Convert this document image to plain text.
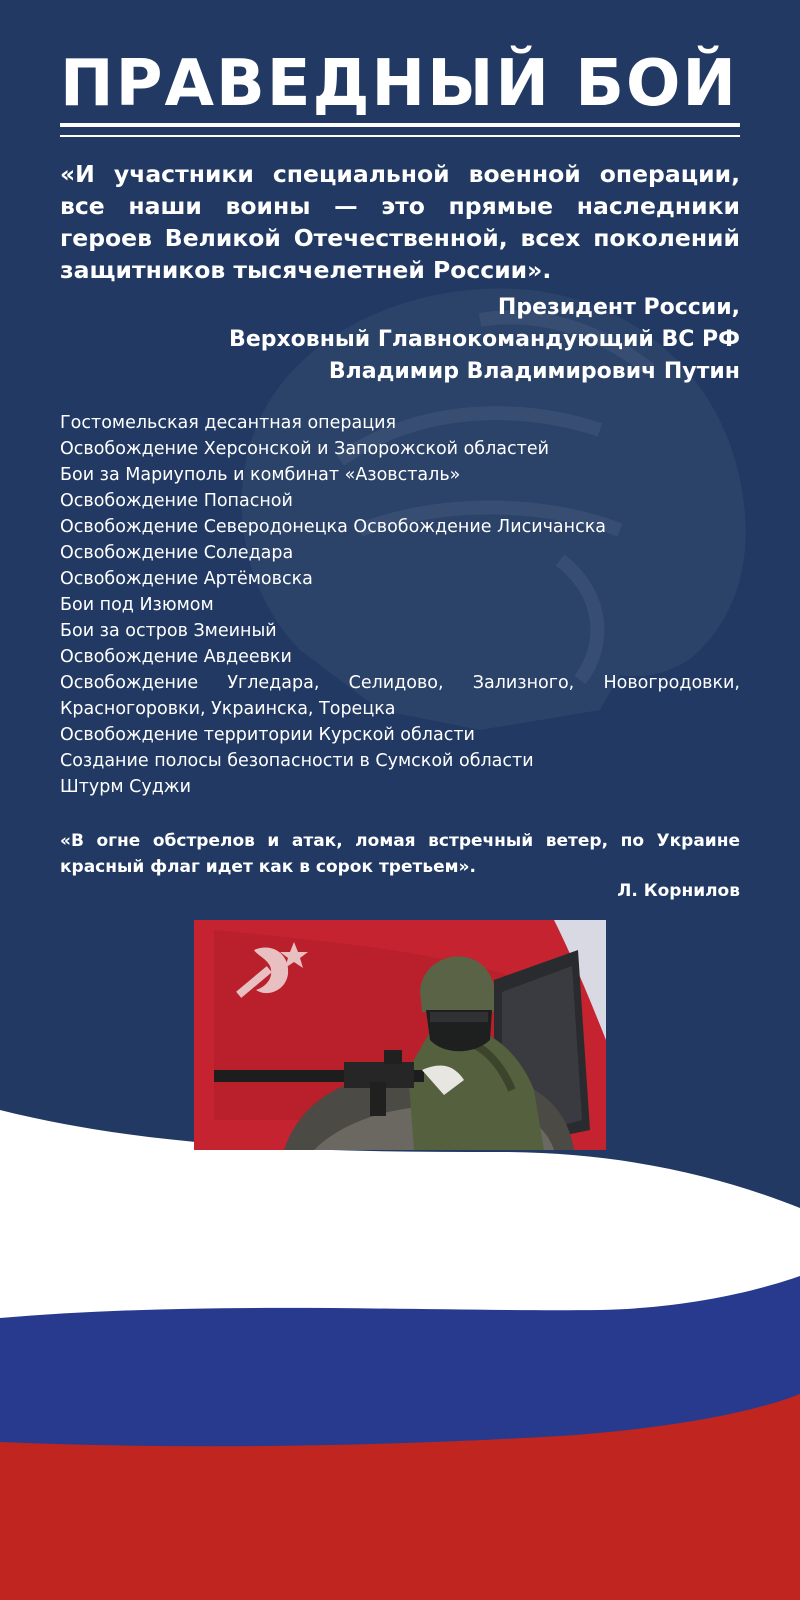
ПРАВЕДНЫЙ БОЙ

«И участники специальной военной операции, все наши воины — это прямые наследники героев Великой Отечественной, всех поколений защитников тысячелетней России».

Президент России,
Верховный Главнокомандующий ВС РФ
Владимир Владимирович Путин
Гостомельская десантная операция
Освобождение Херсонской и Запорожской областей
Бои за Мариуполь и комбинат «Азовсталь»
Освобождение Попасной
Освобождение Северодонецка Освобождение Лисичанска
Освобождение Соледара
Освобождение Артёмовска
Бои под Изюмом
Бои за остров Змеиный
Освобождение Авдеевки
Освобождение Угледара, Селидово, Зализного, Новогродовки, Красногоровки, Украинска, Торецка
Освобождение территории Курской области
Создание полосы безопасности в Сумской области
Штурм Суджи

«В огне обстрелов и атак, ломая встречный ветер, по Украине красный флаг идет как в сорок третьем».

Л. Корнилов
